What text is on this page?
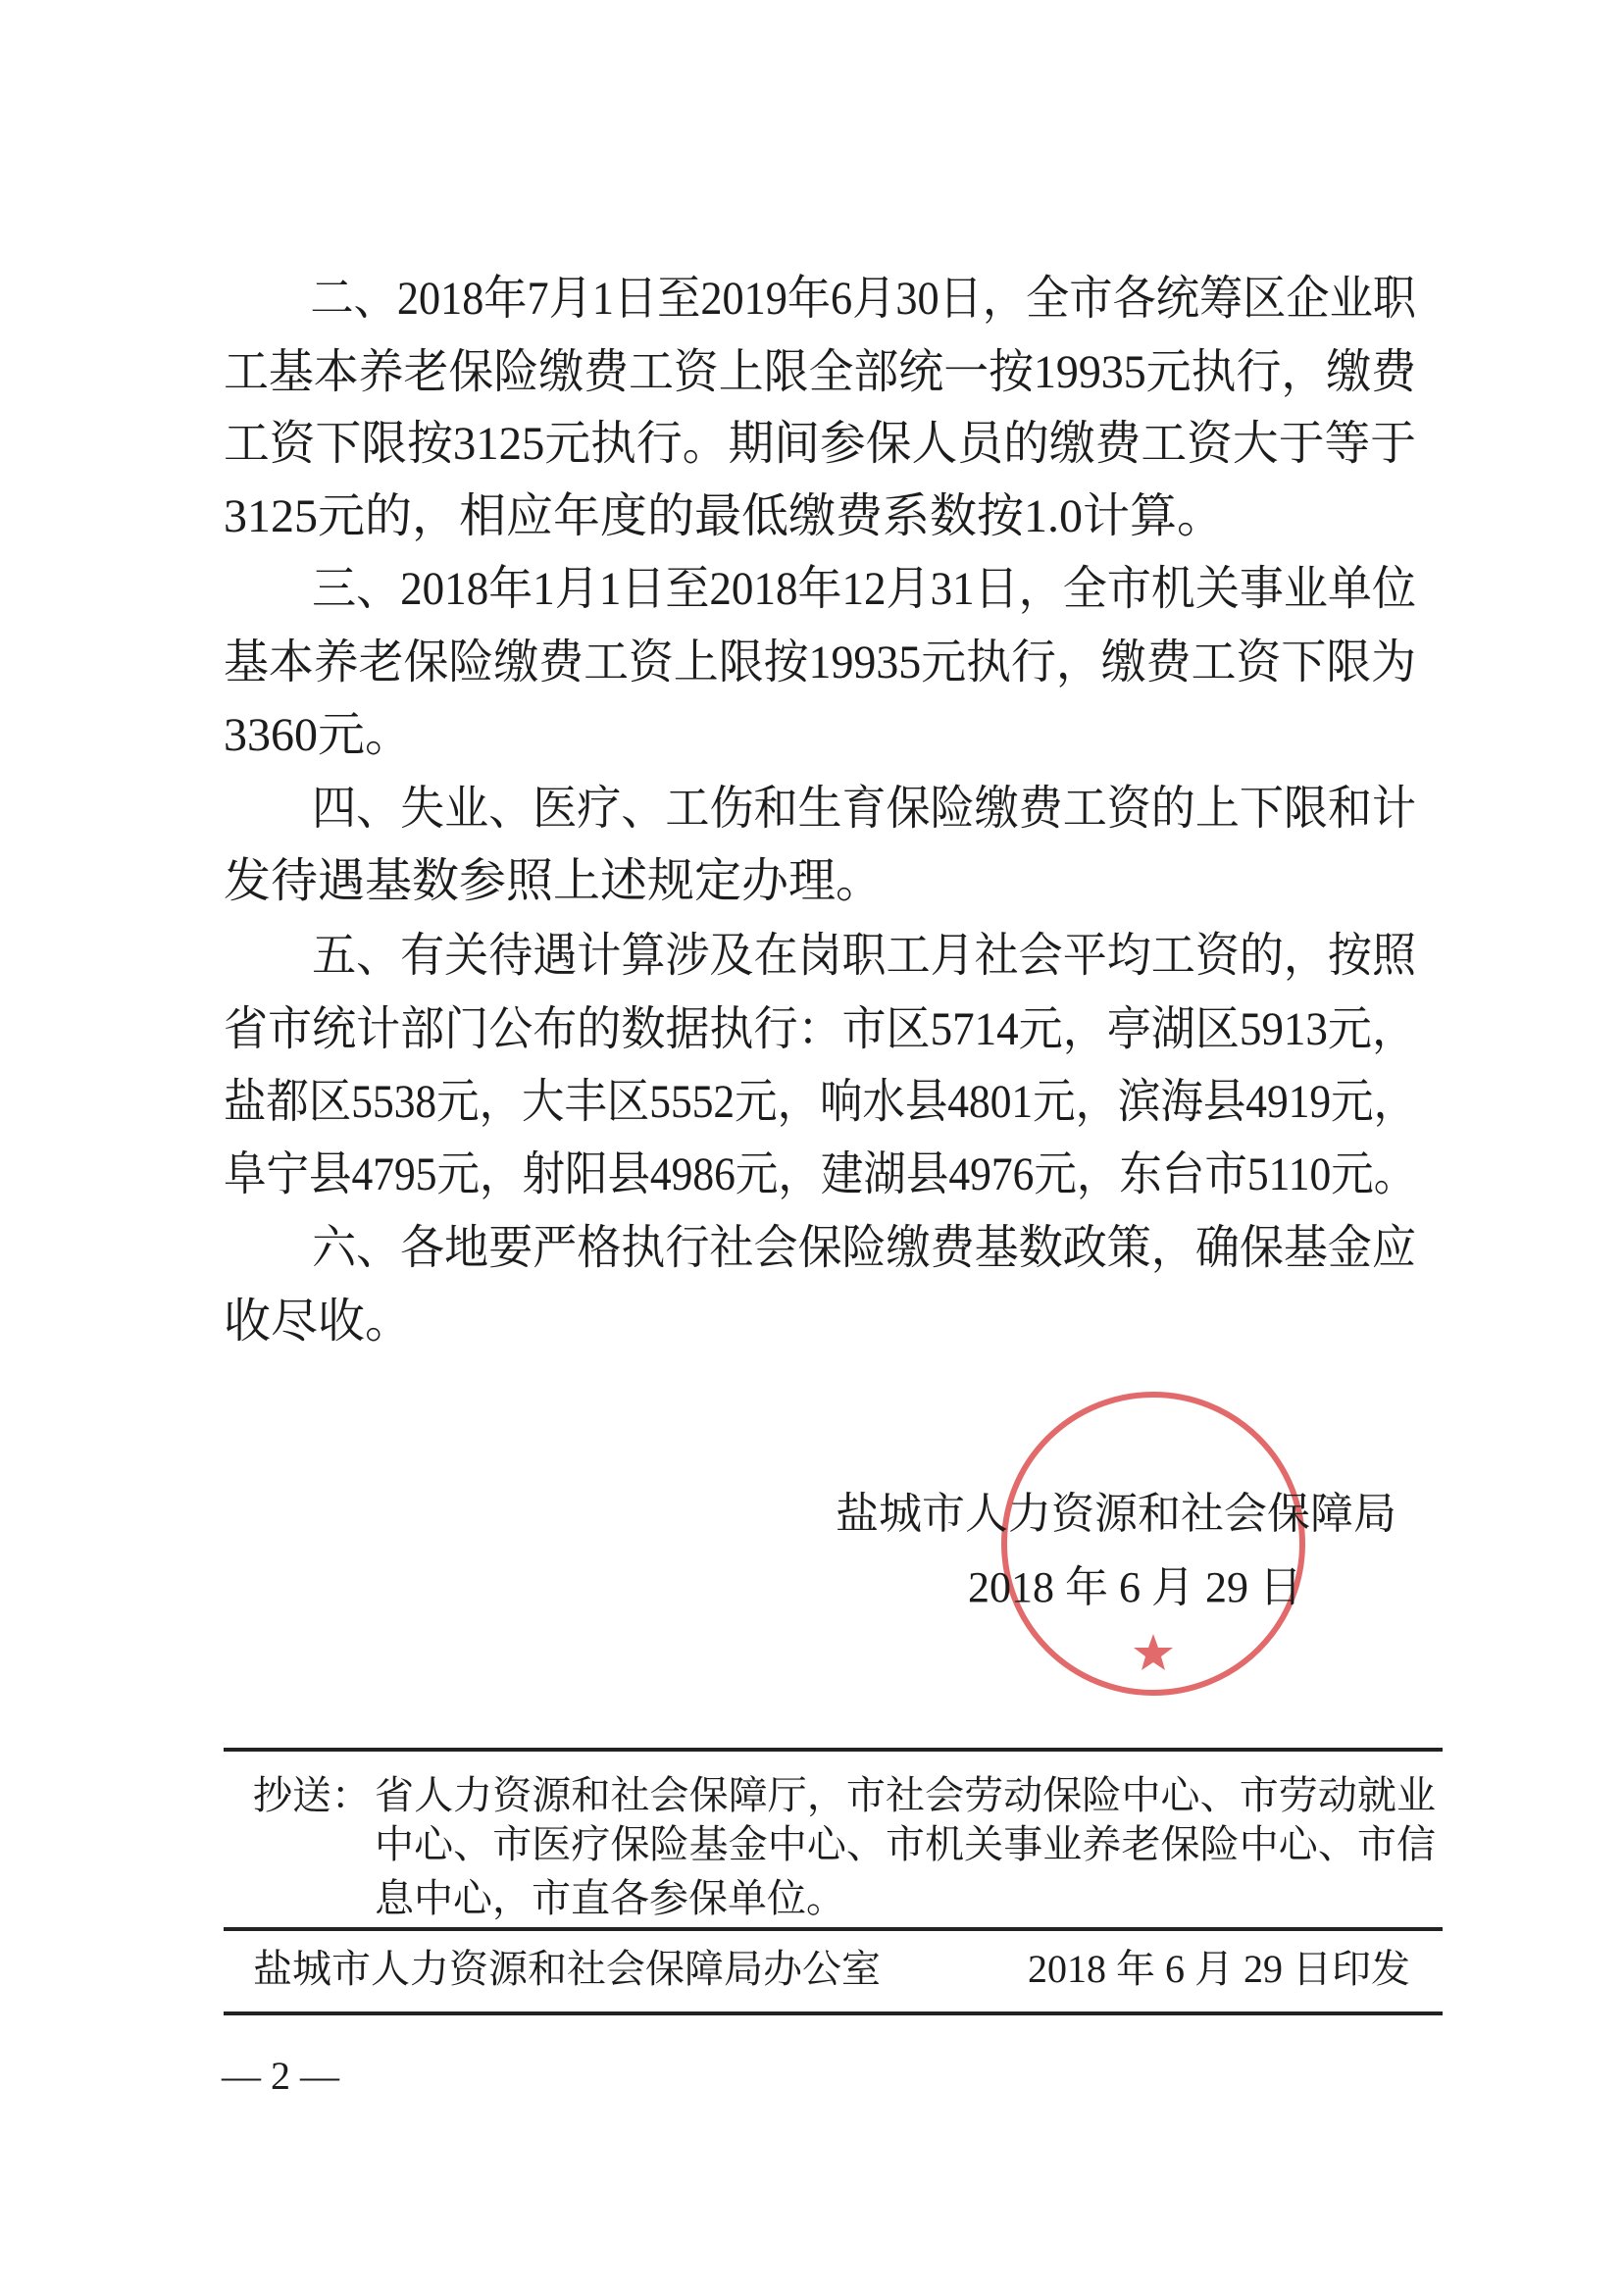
　　二、2018年7月1日至2019年6月30日，全市各统筹区企业职
工基本养老保险缴费工资上限全部统一按19935元执行，缴费
工资下限按3125元执行。期间参保人员的缴费工资大于等于
3125元的，相应年度的最低缴费系数按1.0计算。
　　三、2018年1月1日至2018年12月31日，全市机关事业单位
基本养老保险缴费工资上限按19935元执行，缴费工资下限为
3360元。
　　四、失业、医疗、工伤和生育保险缴费工资的上下限和计
发待遇基数参照上述规定办理。
　　五、有关待遇计算涉及在岗职工月社会平均工资的，按照
省市统计部门公布的数据执行：市区5714元，亭湖区5913元，
盐都区5538元，大丰区5552元，响水县4801元，滨海县4919元，
阜宁县4795元，射阳县4986元，建湖县4976元，东台市5110元。
　　六、各地要严格执行社会保险缴费基数政策，确保基金应
收尽收。
盐城市人力资源和社会保障局
2018 年 6 月 29 日
抄送： 省人力资源和社会保障厅，市社会劳动保险中心、市劳动就业
中心、市医疗保险基金中心、市机关事业养老保险中心、市信
息中心，市直各参保单位。
盐城市人力资源和社会保障局办公室	2018 年 6 月 29 日印发
— 2 —
